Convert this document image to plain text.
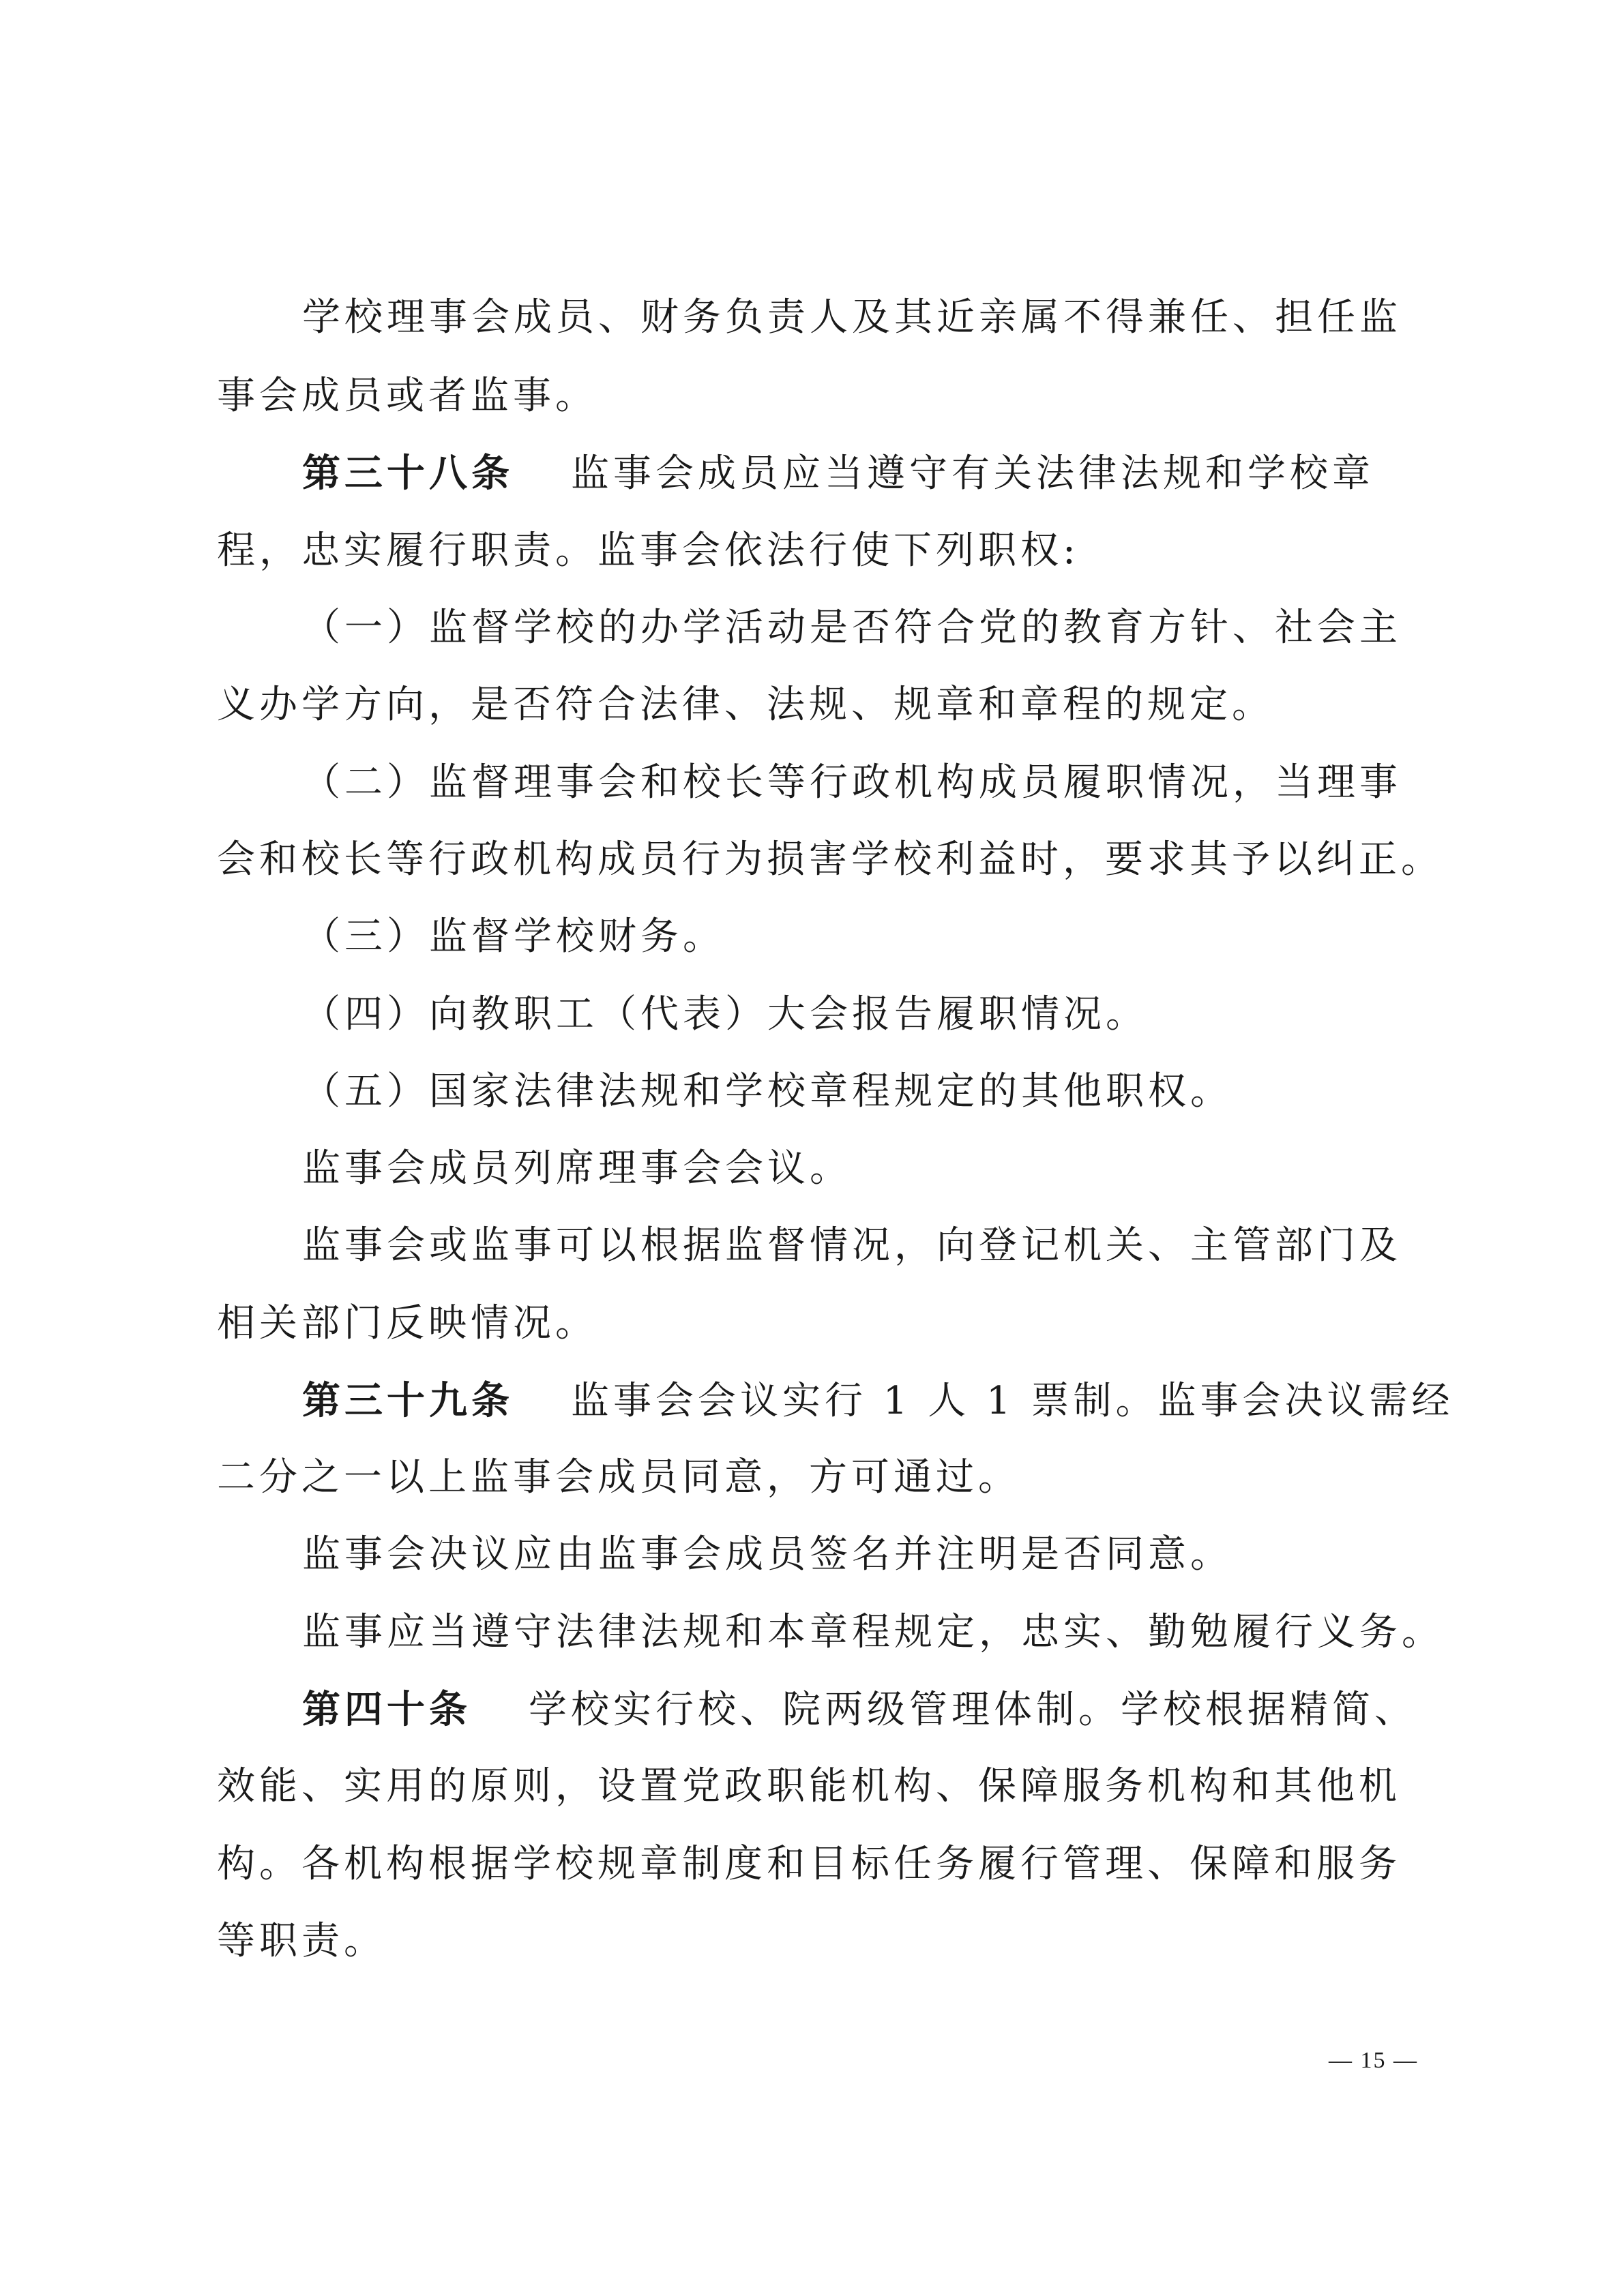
学校理事会成员、财务负责人及其近亲属不得兼任、担任监
事会成员或者监事。
第三十八条 监事会成员应当遵守有关法律法规和学校章
程，忠实履行职责。监事会依法行使下列职权:
（一）监督学校的办学活动是否符合党的教育方针、社会主
义办学方向，是否符合法律、法规、规章和章程的规定。
（二）监督理事会和校长等行政机构成员履职情况，当理事
会和校长等行政机构成员行为损害学校利益时，要求其予以纠正。
（三）监督学校财务。
（四）向教职工（代表）大会报告履职情况。
（五）国家法律法规和学校章程规定的其他职权。
监事会成员列席理事会会议。
监事会或监事可以根据监督情况，向登记机关、主管部门及
相关部门反映情况。
第三十九条 监事会会议实行 1 人 1 票制。监事会决议需经
二分之一以上监事会成员同意，方可通过。
监事会决议应由监事会成员签名并注明是否同意。
监事应当遵守法律法规和本章程规定，忠实、勤勉履行义务。
第四十条 学校实行校、院两级管理体制。学校根据精简、
效能、实用的原则，设置党政职能机构、保障服务机构和其他机
构。各机构根据学校规章制度和目标任务履行管理、保障和服务
等职责。
— 15 —
